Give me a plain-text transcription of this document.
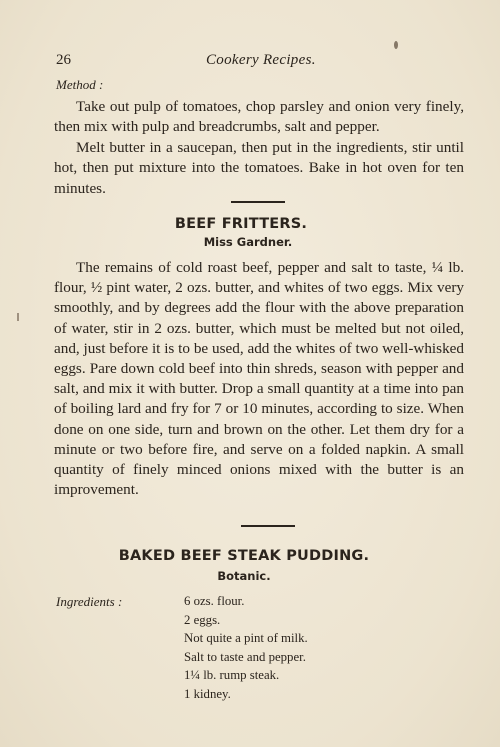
26	Cookery Recipes.
Method :

Take out pulp of tomatoes, chop parsley and onion very finely, then mix with pulp and breadcrumbs, salt and pepper.

Melt butter in a saucepan, then put in the ingredients, stir until hot, then put mixture into the tomatoes. Bake in hot oven for ten minutes.

BEEF FRITTERS.
Miss Gardner.

The remains of cold roast beef, pepper and salt to taste, ¼ lb. flour, ½ pint water, 2 ozs. butter, and whites of two eggs. Mix very smoothly, and by degrees add the flour with the above preparation of water, stir in 2 ozs. butter, which must be melted but not oiled, and, just before it is to be used, add the whites of two well-whisked eggs. Pare down cold beef into thin shreds, season with pepper and salt, and mix it with butter. Drop a small quantity at a time into pan of boiling lard and fry for 7 or 10 minutes, according to size. When done on one side, turn and brown on the other. Let them dry for a minute or two before fire, and serve on a folded napkin. A small quantity of finely minced onions mixed with the butter is an improvement.

BAKED BEEF STEAK PUDDING.
Botanic.
Ingredients :	6 ozs. flour.
2 eggs.
Not quite a pint of milk.
Salt to taste and pepper.
1¼ lb. rump steak.
1 kidney.
